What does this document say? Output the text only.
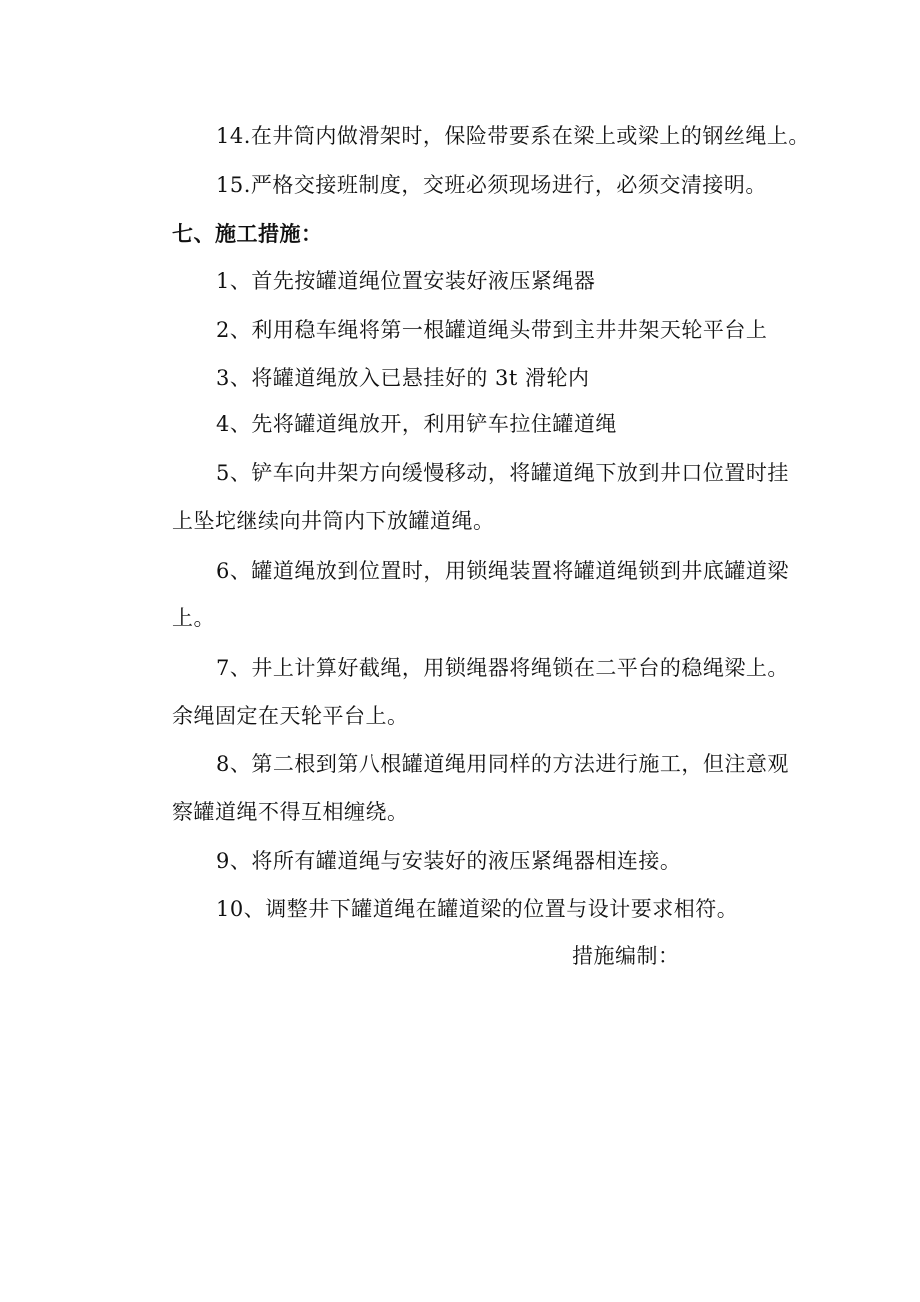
14.在井筒内做滑架时，保险带要系在梁上或梁上的钢丝绳上。
15.严格交接班制度，交班必须现场进行，必须交清接明。
七、施工措施：
1、首先按罐道绳位置安装好液压紧绳器
2、利用稳车绳将第一根罐道绳头带到主井井架天轮平台上
3、将罐道绳放入已悬挂好的 3t 滑轮内
4、先将罐道绳放开，利用铲车拉住罐道绳
5、铲车向井架方向缓慢移动，将罐道绳下放到井口位置时挂
上坠坨继续向井筒内下放罐道绳。
6、罐道绳放到位置时，用锁绳装置将罐道绳锁到井底罐道梁
上。
7、井上计算好截绳，用锁绳器将绳锁在二平台的稳绳梁上。
余绳固定在天轮平台上。
8、第二根到第八根罐道绳用同样的方法进行施工，但注意观
察罐道绳不得互相缠绕。
9、将所有罐道绳与安装好的液压紧绳器相连接。
10、调整井下罐道绳在罐道梁的位置与设计要求相符。
措施编制：
